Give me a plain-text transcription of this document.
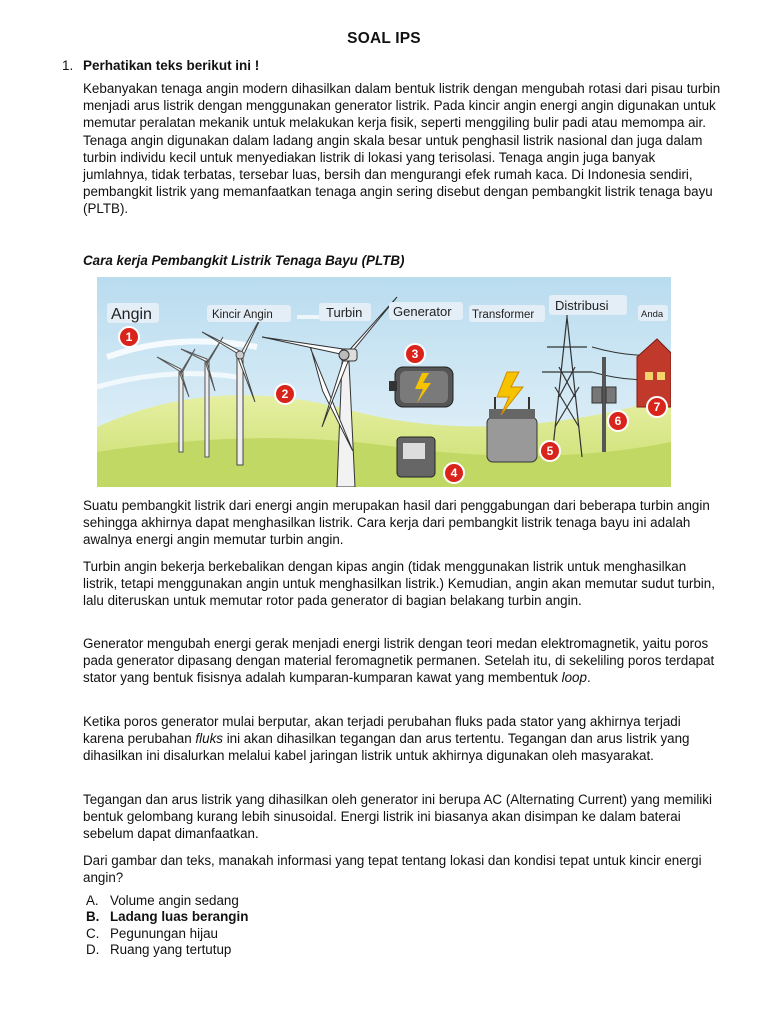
SOAL IPS
1. Perhatikan teks berikut ini !
Kebanyakan tenaga angin modern dihasilkan dalam bentuk listrik dengan mengubah rotasi dari pisau turbin menjadi arus listrik dengan menggunakan generator listrik. Pada kincir angin energi angin digunakan untuk memutar peralatan mekanik untuk melakukan kerja fisik, seperti menggiling bulir padi atau memompa air. Tenaga angin digunakan dalam ladang angin skala besar untuk penghasil listrik nasional dan juga dalam turbin individu kecil untuk menyediakan listrik di lokasi yang terisolasi. Tenaga angin juga banyak jumlahnya, tidak terbatas, tersebar luas, bersih dan mengurangi efek rumah kaca. Di Indonesia sendiri, pembangkit listrik yang memanfaatkan tenaga angin sering disebut dengan pembangkit listrik tenaga bayu (PLTB).
Cara kerja Pembangkit Listrik Tenaga Bayu (PLTB)
Angin	Kincir Angin	Turbin Generator Transformer
Distribusi
Anda
1
2
3
4
5
6
7
Suatu pembangkit listrik dari energi angin merupakan hasil dari penggabungan dari beberapa turbin angin sehingga akhirnya dapat menghasilkan listrik. Cara kerja dari pembangkit listrik tenaga bayu ini adalah awalnya energi angin memutar turbin angin.
Turbin angin bekerja berkebalikan dengan kipas angin (tidak menggunakan listrik untuk menghasilkan listrik, tetapi menggunakan angin untuk menghasilkan listrik.) Kemudian, angin akan memutar sudut turbin, lalu diteruskan untuk memutar rotor pada generator di bagian belakang turbin angin.
Generator mengubah energi gerak menjadi energi listrik dengan teori medan elektromagnetik, yaitu poros pada generator dipasang dengan material feromagnetik permanen. Setelah itu, di sekeliling poros terdapat stator yang bentuk fisisnya adalah kumparan-kumparan kawat yang membentuk loop.
Ketika poros generator mulai berputar, akan terjadi perubahan fluks pada stator yang akhirnya terjadi karena perubahan fluks ini akan dihasilkan tegangan dan arus tertentu. Tegangan dan arus listrik yang dihasilkan ini disalurkan melalui kabel jaringan listrik untuk akhirnya digunakan oleh masyarakat.
Tegangan dan arus listrik yang dihasilkan oleh generator ini berupa AC (Alternating Current) yang memiliki bentuk gelombang kurang lebih sinusoidal. Energi listrik ini biasanya akan disimpan ke dalam baterai sebelum dapat dimanfaatkan.
Dari gambar dan teks, manakah informasi yang tepat tentang lokasi dan kondisi tepat untuk kincir energi angin?
A. Volume angin sedang
B. Ladang luas berangin
C. Pegunungan hijau
D. Ruang yang tertutup
